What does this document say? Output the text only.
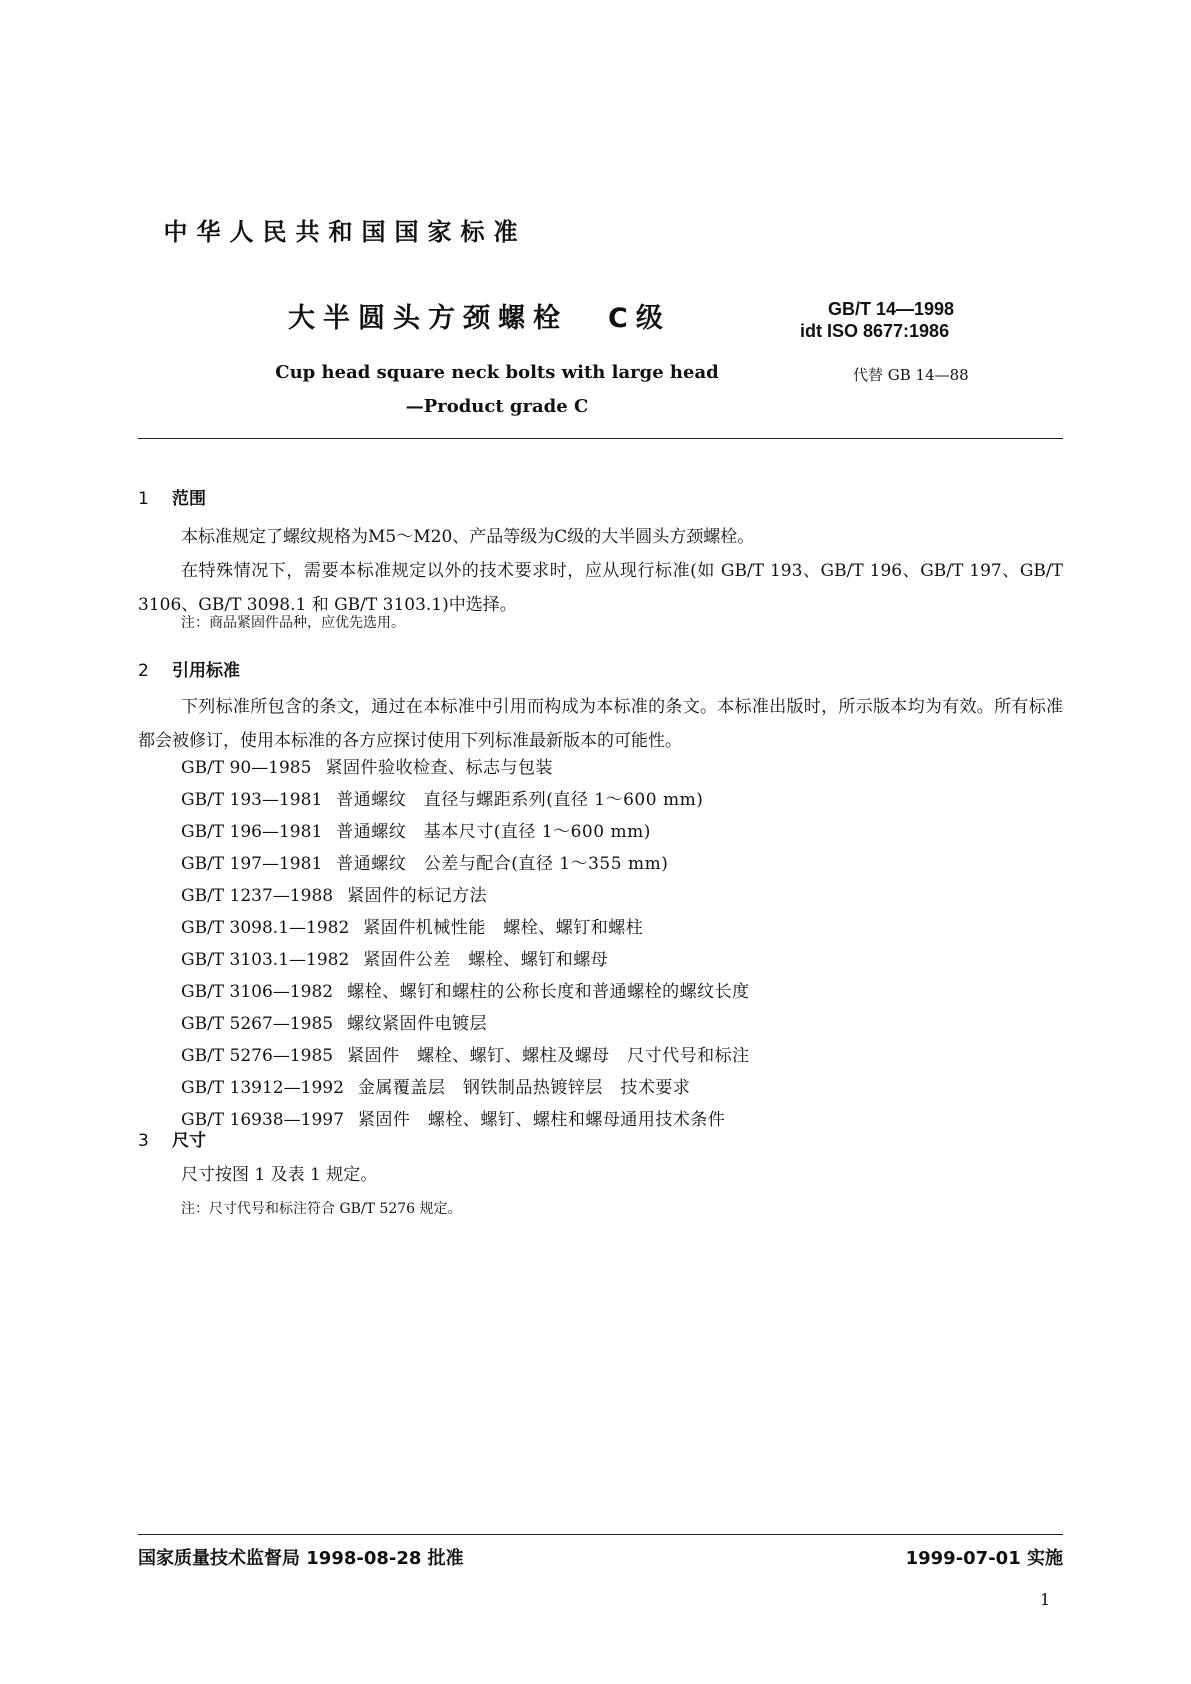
中华人民共和国国家标准
大半圆头方颈螺栓 C级	GB/T 14—1998
idt ISO 8677:1986
代替 GB 14—88
Cup head square neck bolts with large head
—Product grade C
1 范围

本标准规定了螺纹规格为M5～M20、产品等级为C级的大半圆头方颈螺栓。

在特殊情况下，需要本标准规定以外的技术要求时，应从现行标准(如 GB/T 193、GB/T 196、GB/T 197、GB/T 3106、GB/T 3098.1 和 GB/T 3103.1)中选择。

注：商品紧固件品种，应优先选用。
2 引用标准

下列标准所包含的条文，通过在本标准中引用而构成为本标准的条文。本标准出版时，所示版本均为有效。所有标准都会被修订，使用本标准的各方应探讨使用下列标准最新版本的可能性。

GB/T 90—1985 紧固件验收检查、标志与包装
GB/T 193—1981 普通螺纹　直径与螺距系列(直径 1～600 mm)
GB/T 196—1981 普通螺纹　基本尺寸(直径 1～600 mm)
GB/T 197—1981 普通螺纹　公差与配合(直径 1～355 mm)
GB/T 1237—1988 紧固件的标记方法
GB/T 3098.1—1982 紧固件机械性能　螺栓、螺钉和螺柱
GB/T 3103.1—1982 紧固件公差　螺栓、螺钉和螺母
GB/T 3106—1982 螺栓、螺钉和螺柱的公称长度和普通螺栓的螺纹长度
GB/T 5267—1985 螺纹紧固件电镀层
GB/T 5276—1985 紧固件　螺栓、螺钉、螺柱及螺母　尺寸代号和标注
GB/T 13912—1992 金属覆盖层　钢铁制品热镀锌层　技术要求
GB/T 16938—1997 紧固件　螺栓、螺钉、螺柱和螺母通用技术条件
3 尺寸

尺寸按图 1 及表 1 规定。

注：尺寸代号和标注符合 GB/T 5276 规定。
国家质量技术监督局 1998-08-28 批准	1999-07-01 实施
1
